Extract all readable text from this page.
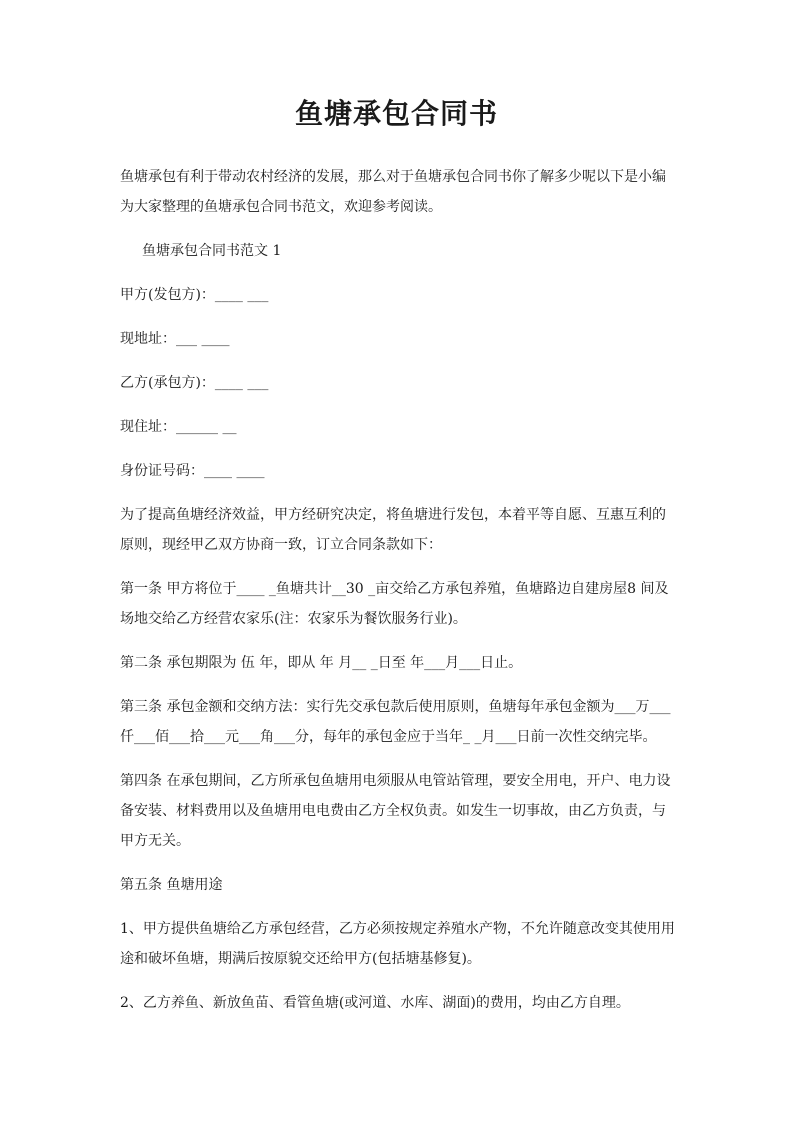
鱼塘承包合同书

鱼塘承包有利于带动农村经济的发展，那么对于鱼塘承包合同书你了解多少呢以下是小编为大家整理的鱼塘承包合同书范文，欢迎参考阅读。

鱼塘承包合同书范文 1

甲方(发包方)：____ ___

现地址：___ ____

乙方(承包方)：____ ___

现住址：______ __

身份证号码：____ ____

为了提高鱼塘经济效益，甲方经研究决定，将鱼塘进行发包，本着平等自愿、互惠互利的原则，现经甲乙双方协商一致，订立合同条款如下：

第一条 甲方将位于____ _鱼塘共计__30 _亩交给乙方承包养殖，鱼塘路边自建房屋8 间及场地交给乙方经营农家乐(注：农家乐为餐饮服务行业)。

第二条 承包期限为 伍 年，即从 年 月__ _日至 年___月___日止。

第三条 承包金额和交纳方法：实行先交承包款后使用原则，鱼塘每年承包金额为___万___仟___佰___拾___元___角___分，每年的承包金应于当年_ _月___日前一次性交纳完毕。

第四条 在承包期间，乙方所承包鱼塘用电须服从电管站管理，要安全用电，开户、电力设备安装、材料费用以及鱼塘用电电费由乙方全权负责。如发生一切事故，由乙方负责，与甲方无关。

第五条 鱼塘用途

1、甲方提供鱼塘给乙方承包经营，乙方必须按规定养殖水产物，不允许随意改变其使用用途和破坏鱼塘，期满后按原貌交还给甲方(包括塘基修复)。

2、乙方养鱼、新放鱼苗、看管鱼塘(或河道、水库、湖面)的费用，均由乙方自理。
